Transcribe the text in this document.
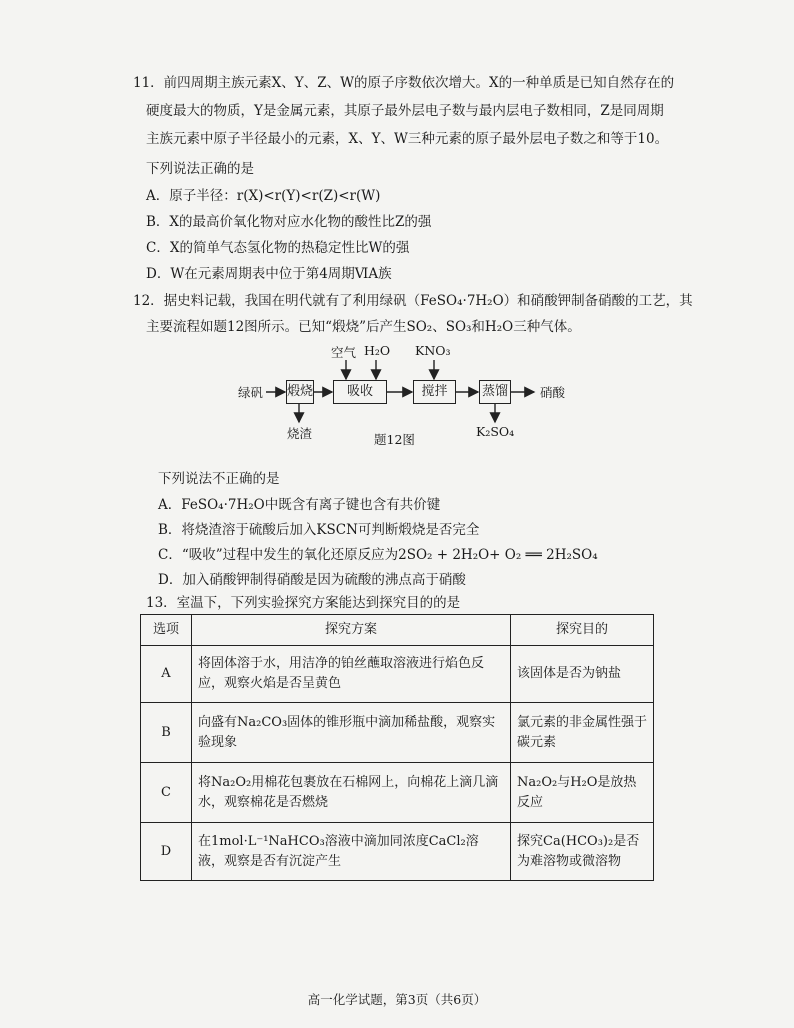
11．前四周期主族元素X、Y、Z、W的原子序数依次增大。X的一种单质是已知自然存在的
硬度最大的物质，Y是金属元素，其原子最外层电子数与最内层电子数相同，Z是同周期
主族元素中原子半径最小的元素，X、Y、W三种元素的原子最外层电子数之和等于10。
下列说法正确的是
A．原子半径：r(X)<r(Y)<r(Z)<r(W)
B．X的最高价氧化物对应水化物的酸性比Z的强
C．X的简单气态氢化物的热稳定性比W的强
D．W在元素周期表中位于第4周期ⅥA族
12．据史料记载，我国在明代就有了利用绿矾（FeSO₄·7H₂O）和硝酸钾制备硝酸的工艺，其
主要流程如题12图所示。已知“煅烧”后产生SO₂、SO₃和H₂O三种气体。
绿矾 煅烧	吸收	搅拌	蒸馏	硝酸
空气 H₂O KNO₃
烧渣	K₂SO₄
题12图
下列说法不正确的是
A．FeSO₄·7H₂O中既含有离子键也含有共价键
B．将烧渣溶于硫酸后加入KSCN可判断煅烧是否完全
C．“吸收”过程中发生的氧化还原反应为2SO₂ + 2H₂O+ O₂ ══ 2H₂SO₄
D．加入硝酸钾制得硝酸是因为硫酸的沸点高于硝酸
13．室温下，下列实验探究方案能达到探究目的的是
选项	探究方案	探究目的
A	将固体溶于水，用洁净的铂丝蘸取溶液进行焰色反应，观察火焰是否呈黄色	该固体是否为钠盐
B	向盛有Na₂CO₃固体的锥形瓶中滴加稀盐酸，观察实验现象	氯元素的非金属性强于碳元素
C	将Na₂O₂用棉花包裹放在石棉网上，向棉花上滴几滴水，观察棉花是否燃烧	Na₂O₂与H₂O是放热反应
D	在1mol·L⁻¹NaHCO₃溶液中滴加同浓度CaCl₂溶液，观察是否有沉淀产生	探究Ca(HCO₃)₂是否为难溶物或微溶物
高一化学试题，第3页（共6页）
